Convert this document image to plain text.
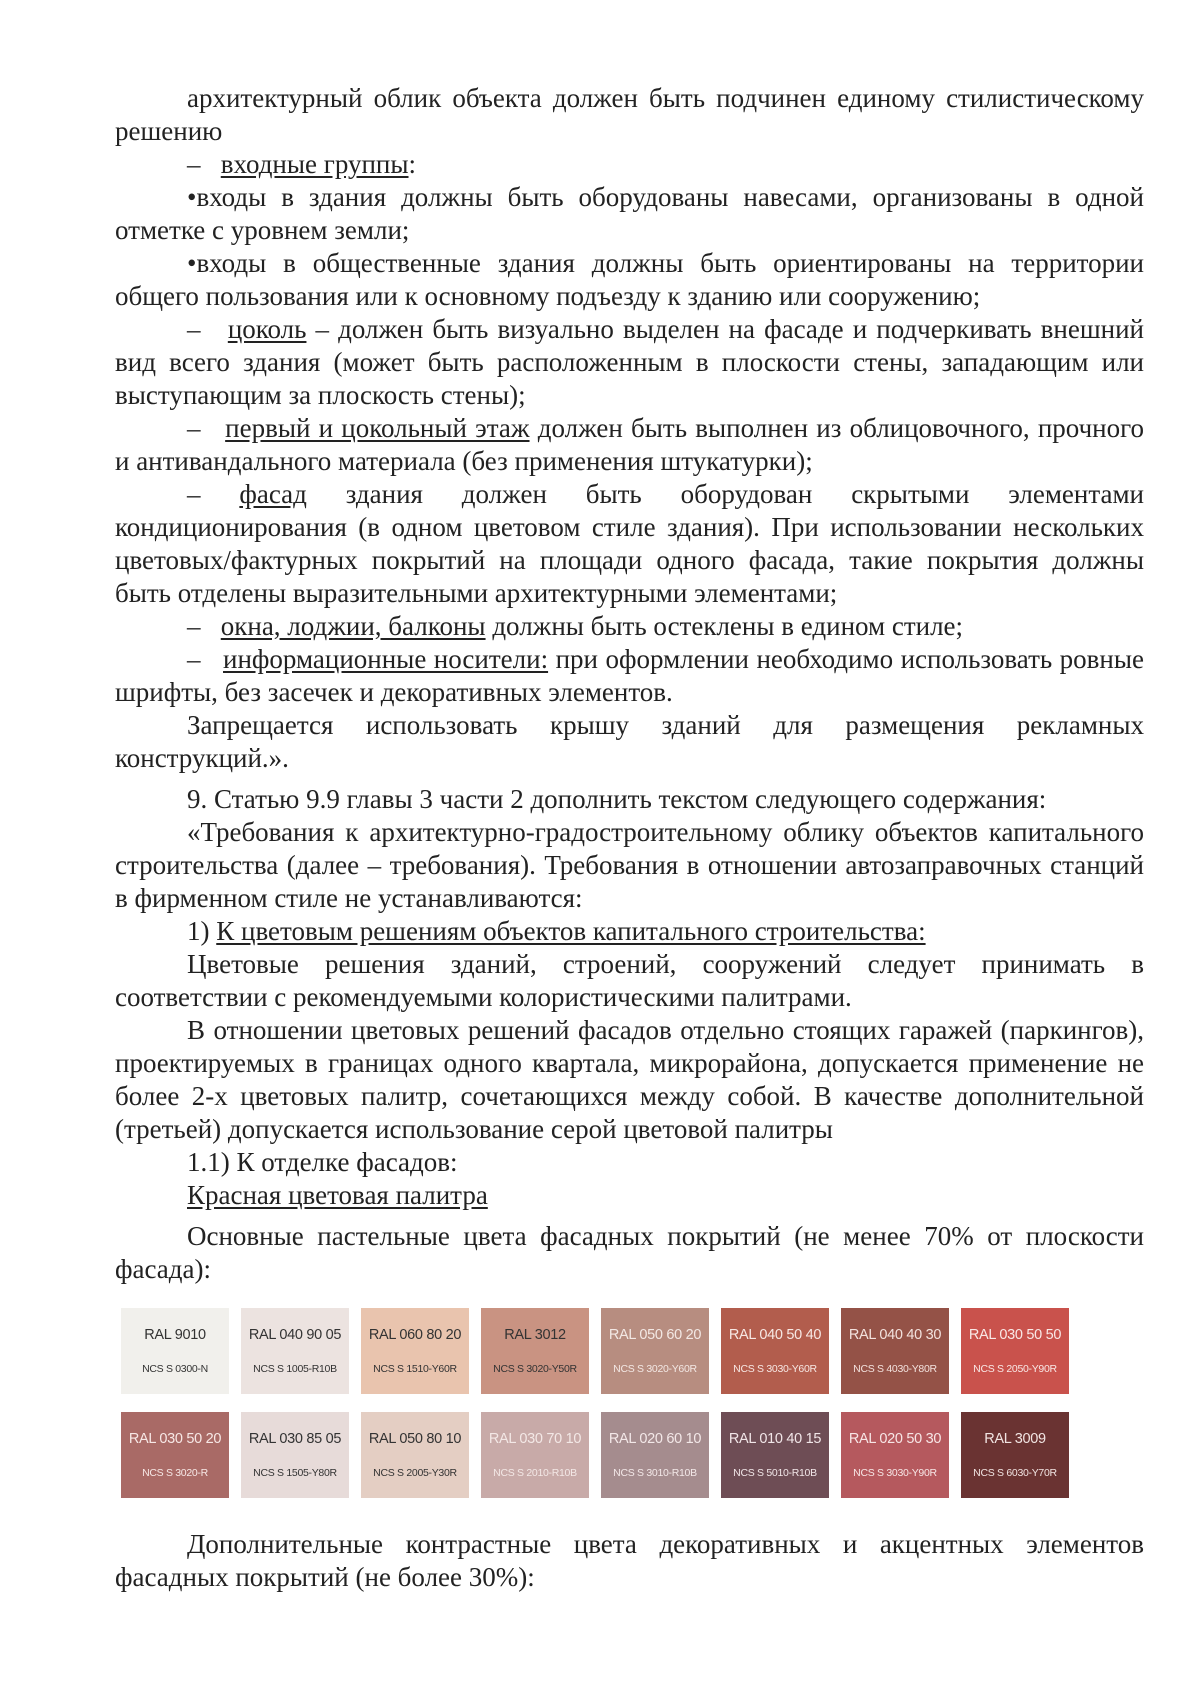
архитектурный облик объекта должен быть подчинен единому стилистическому решению

– входные группы:

•входы в здания должны быть оборудованы навесами, организованы в одной отметке с уровнем земли;

•входы в общественные здания должны быть ориентированы на территории общего пользования или к основному подъезду к зданию или сооружению;

– цоколь – должен быть визуально выделен на фасаде и подчеркивать внешний вид всего здания (может быть расположенным в плоскости стены, западающим или выступающим за плоскость стены);

– первый и цокольный этаж должен быть выполнен из облицовочного, прочного и антивандального материала (без применения штукатурки);

– фасад здания должен быть оборудован скрытыми элементами кондиционирования (в одном цветовом стиле здания). При использовании нескольких цветовых/фактурных покрытий на площади одного фасада, такие покрытия должны быть отделены выразительными архитектурными элементами;

– окна, лоджии, балконы должны быть остеклены в едином стиле;

– информационные носители: при оформлении необходимо использовать ровные шрифты, без засечек и декоративных элементов.

Запрещается использовать крышу зданий для размещения рекламных конструкций.».

9. Статью 9.9 главы 3 части 2 дополнить текстом следующего содержания:

«Требования к архитектурно-градостроительному облику объектов капитального строительства (далее – требования). Требования в отношении автозаправочных станций в фирменном стиле не устанавливаются:

1) К цветовым решениям объектов капитального строительства:

Цветовые решения зданий, строений, сооружений следует принимать в соответствии с рекомендуемыми колористическими палитрами.

В отношении цветовых решений фасадов отдельно стоящих гаражей (паркингов), проектируемых в границах одного квартала, микрорайона, допускается применение не более 2-х цветовых палитр, сочетающихся между собой. В качестве дополнительной (третьей) допускается использование серой цветовой палитры

1.1) К отделке фасадов:

Красная цветовая палитра

Основные пастельные цвета фасадных покрытий (не менее 70% от плоскости фасада):

RAL 9010
NCS S 0300-N
RAL 040 90 05
NCS S 1005-R10B
RAL 060 80 20
NCS S 1510-Y60R
RAL 3012
NCS S 3020-Y50R
RAL 050 60 20
NCS S 3020-Y60R
RAL 040 50 40
NCS S 3030-Y60R
RAL 040 40 30
NCS S 4030-Y80R
RAL 030 50 50
NCS S 2050-Y90R
RAL 030 50 20
NCS S 3020-R
RAL 030 85 05
NCS S 1505-Y80R
RAL 050 80 10
NCS S 2005-Y30R
RAL 030 70 10
NCS S 2010-R10B
RAL 020 60 10
NCS S 3010-R10B
RAL 010 40 15
NCS S 5010-R10B
RAL 020 50 30
NCS S 3030-Y90R
RAL 3009
NCS S 6030-Y70R

Дополнительные контрастные цвета декоративных и акцентных элементов фасадных покрытий (не более 30%):
